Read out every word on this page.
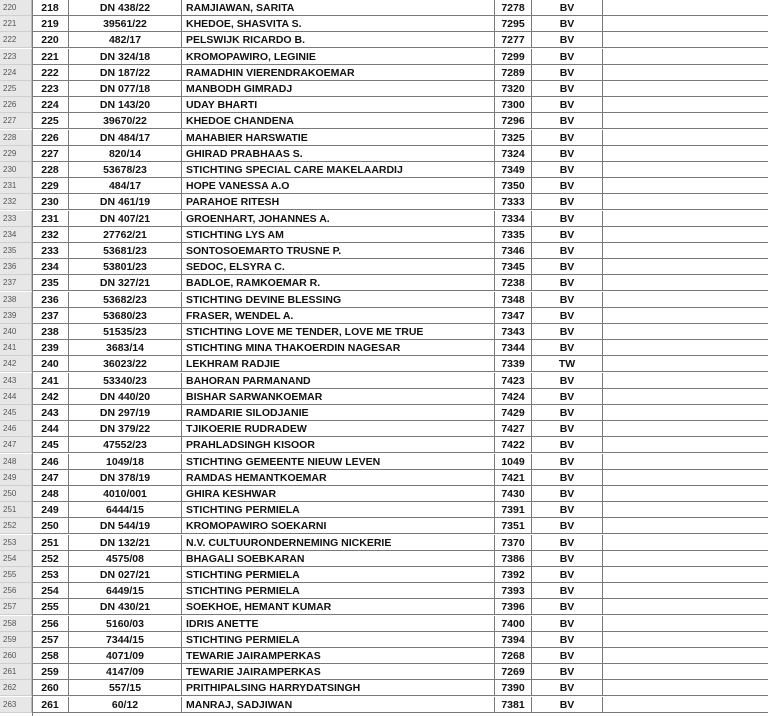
220	218	DN 438/22	RAMJIAWAN, SARITA	7278	BV
221	219	39561/22	KHEDOE, SHASVITA S.	7295	BV
222	220	482/17	PELSWIJK RICARDO B.	7277	BV
223	221	DN 324/18	KROMOPAWIRO, LEGINIE	7299	BV
224	222	DN 187/22	RAMADHIN VIERENDRAKOEMAR	7289	BV
225	223	DN 077/18	MANBODH GIMRADJ	7320	BV
226	224	DN 143/20	UDAY BHARTI	7300	BV
227	225	39670/22	KHEDOE CHANDENA	7296	BV
228	226	DN 484/17	MAHABIER HARSWATIE	7325	BV
229	227	820/14	GHIRAD PRABHAAS S.	7324	BV
230	228	53678/23	STICHTING SPECIAL CARE MAKELAARDIJ	7349	BV
231	229	484/17	HOPE VANESSA A.O	7350	BV
232	230	DN 461/19	PARAHOE RITESH	7333	BV
233	231	DN 407/21	GROENHART, JOHANNES A.	7334	BV
234	232	27762/21	STICHTING LYS AM	7335	BV
235	233	53681/23	SONTOSOEMARTO TRUSNE P.	7346	BV
236	234	53801/23	SEDOC, ELSYRA C.	7345	BV
237	235	DN 327/21	BADLOE, RAMKOEMAR R.	7238	BV
238	236	53682/23	STICHTING DEVINE BLESSING	7348	BV
239	237	53680/23	FRASER, WENDEL A.	7347	BV
240	238	51535/23	STICHTING LOVE ME TENDER, LOVE ME TRUE	7343	BV
241	239	3683/14	STICHTING MINA THAKOERDIN NAGESAR	7344	BV
242	240	36023/22	LEKHRAM RADJIE	7339	TW
243	241	53340/23	BAHORAN PARMANAND	7423	BV
244	242	DN 440/20	BISHAR SARWANKOEMAR	7424	BV
245	243	DN 297/19	RAMDARIE SILODJANIE	7429	BV
246	244	DN 379/22	TJIKOERIE RUDRADEW	7427	BV
247	245	47552/23	PRAHLADSINGH KISOOR	7422	BV
248	246	1049/18	STICHTING GEMEENTE NIEUW LEVEN	1049	BV
249	247	DN 378/19	RAMDAS HEMANTKOEMAR	7421	BV
250	248	4010/001	GHIRA KESHWAR	7430	BV
251	249	6444/15	STICHTING PERMIELA	7391	BV
252	250	DN 544/19	KROMOPAWIRO SOEKARNI	7351	BV
253	251	DN 132/21	N.V. CULTUURONDERNEMING NICKERIE	7370	BV
254	252	4575/08	BHAGALI SOEBKARAN	7386	BV
255	253	DN 027/21	STICHTING PERMIELA	7392	BV
256	254	6449/15	STICHTING PERMIELA	7393	BV
257	255	DN 430/21	SOEKHOE, HEMANT KUMAR	7396	BV
258	256	5160/03	IDRIS ANETTE	7400	BV
259	257	7344/15	STICHTING PERMIELA	7394	BV
260	258	4071/09	TEWARIE JAIRAMPERKAS	7268	BV
261	259	4147/09	TEWARIE JAIRAMPERKAS	7269	BV
262	260	557/15	PRITHIPALSING HARRYDATSINGH	7390	BV
263	261	60/12	MANRAJ, SADJIWAN	7381	BV
